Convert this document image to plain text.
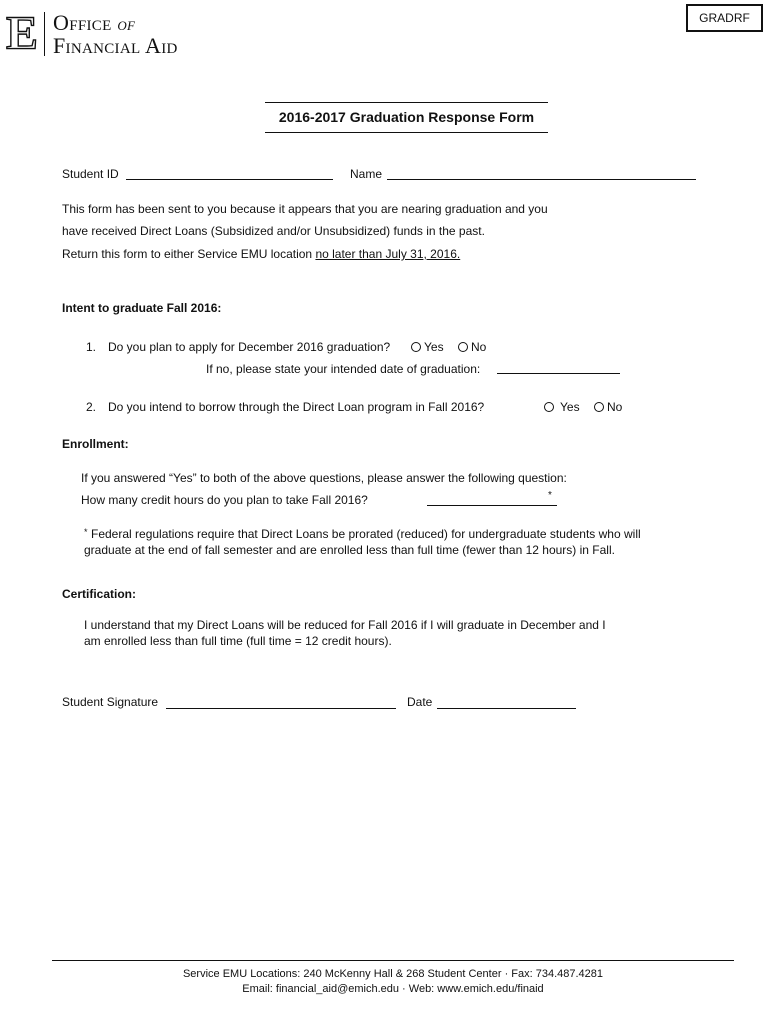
E Office of
Financial Aid
GRADRF
2016-2017 Graduation Response Form
Student ID	Name
This form has been sent to you because it appears that you are nearing graduation and you
have received Direct Loans (Subsidized and/or Unsubsidized) funds in the past.
Return this form to either Service EMU location no later than July 31, 2016.
Intent to graduate Fall 2016:
1. Do you plan to apply for December 2016 graduation?	Yes	No
If no, please state your intended date of graduation:
2. Do you intend to borrow through the Direct Loan program in Fall 2016?	Yes	No
Enrollment:
If you answered “Yes” to both of the above questions, please answer the following question:
How many credit hours do you plan to take Fall 2016?	*
* Federal regulations require that Direct Loans be prorated (reduced) for undergraduate students who will
graduate at the end of fall semester and are enrolled less than full time (fewer than 12 hours) in Fall.
Certification:
I understand that my Direct Loans will be reduced for Fall 2016 if I will graduate in December and I
am enrolled less than full time (full time = 12 credit hours).
Student Signature	Date
Service EMU Locations: 240 McKenny Hall & 268 Student Center · Fax: 734.487.4281
Email: financial_aid@emich.edu · Web: www.emich.edu/finaid
